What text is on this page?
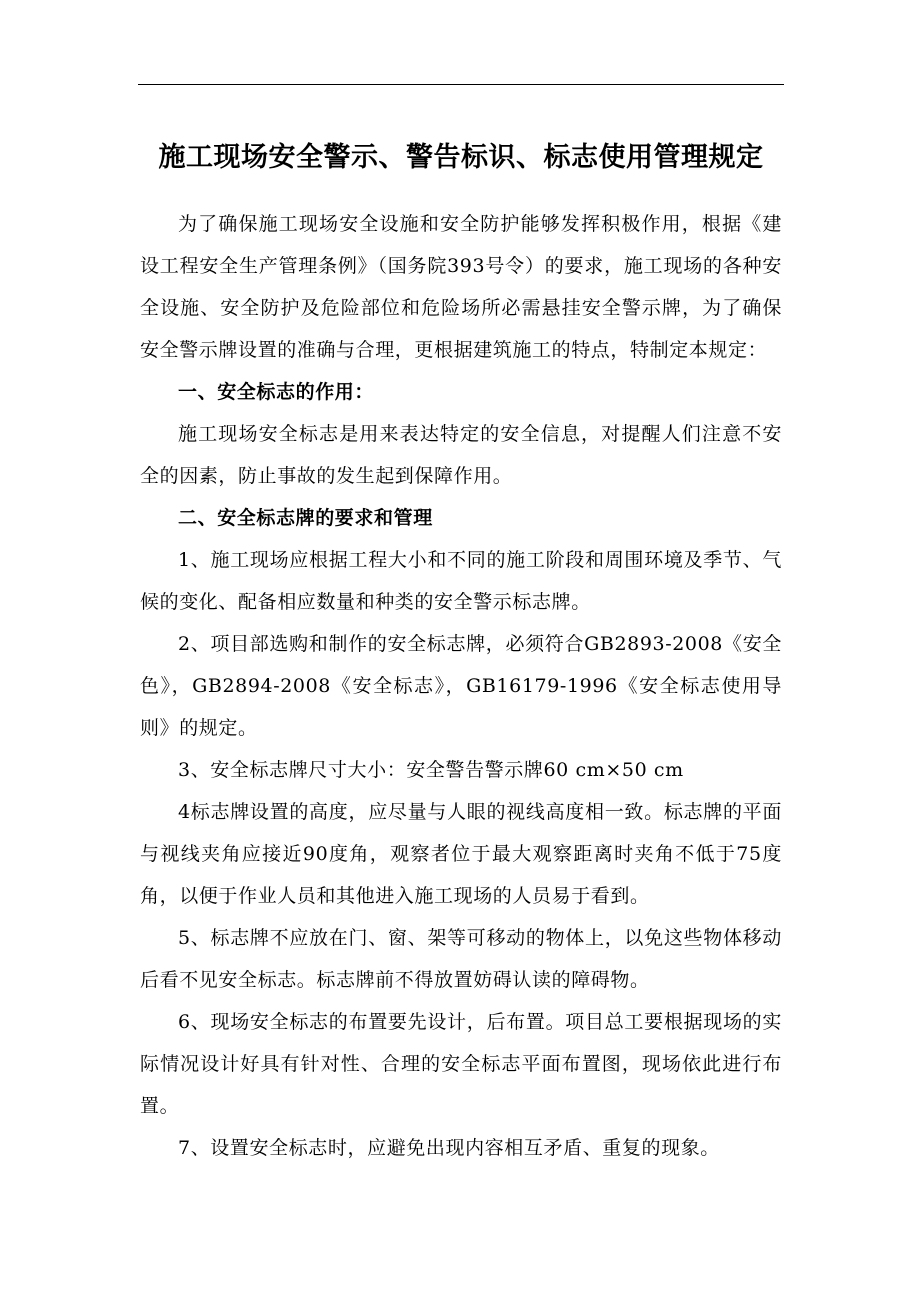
施工现场安全警示、警告标识、标志使用管理规定

为了确保施工现场安全设施和安全防护能够发挥积极作用，根据《建设工程安全生产管理条例》（国务院393号令）的要求，施工现场的各种安全设施、安全防护及危险部位和危险场所必需悬挂安全警示牌，为了确保安全警示牌设置的准确与合理，更根据建筑施工的特点，特制定本规定：

一、安全标志的作用：

施工现场安全标志是用来表达特定的安全信息，对提醒人们注意不安全的因素，防止事故的发生起到保障作用。

二、安全标志牌的要求和管理

1、施工现场应根据工程大小和不同的施工阶段和周围环境及季节、气候的变化、配备相应数量和种类的安全警示标志牌。

2、项目部选购和制作的安全标志牌，必须符合GB2893-2008《安全色》，GB2894-2008《安全标志》，GB16179-1996《安全标志使用导则》的规定。

3、安全标志牌尺寸大小：安全警告警示牌60 cm×50 cm

4标志牌设置的高度，应尽量与人眼的视线高度相一致。标志牌的平面与视线夹角应接近90度角，观察者位于最大观察距离时夹角不低于75度角，以便于作业人员和其他进入施工现场的人员易于看到。

5、标志牌不应放在门、窗、架等可移动的物体上，以免这些物体移动后看不见安全标志。标志牌前不得放置妨碍认读的障碍物。

6、现场安全标志的布置要先设计，后布置。项目总工要根据现场的实际情况设计好具有针对性、合理的安全标志平面布置图，现场依此进行布置。

7、设置安全标志时，应避免出现内容相互矛盾、重复的现象。
